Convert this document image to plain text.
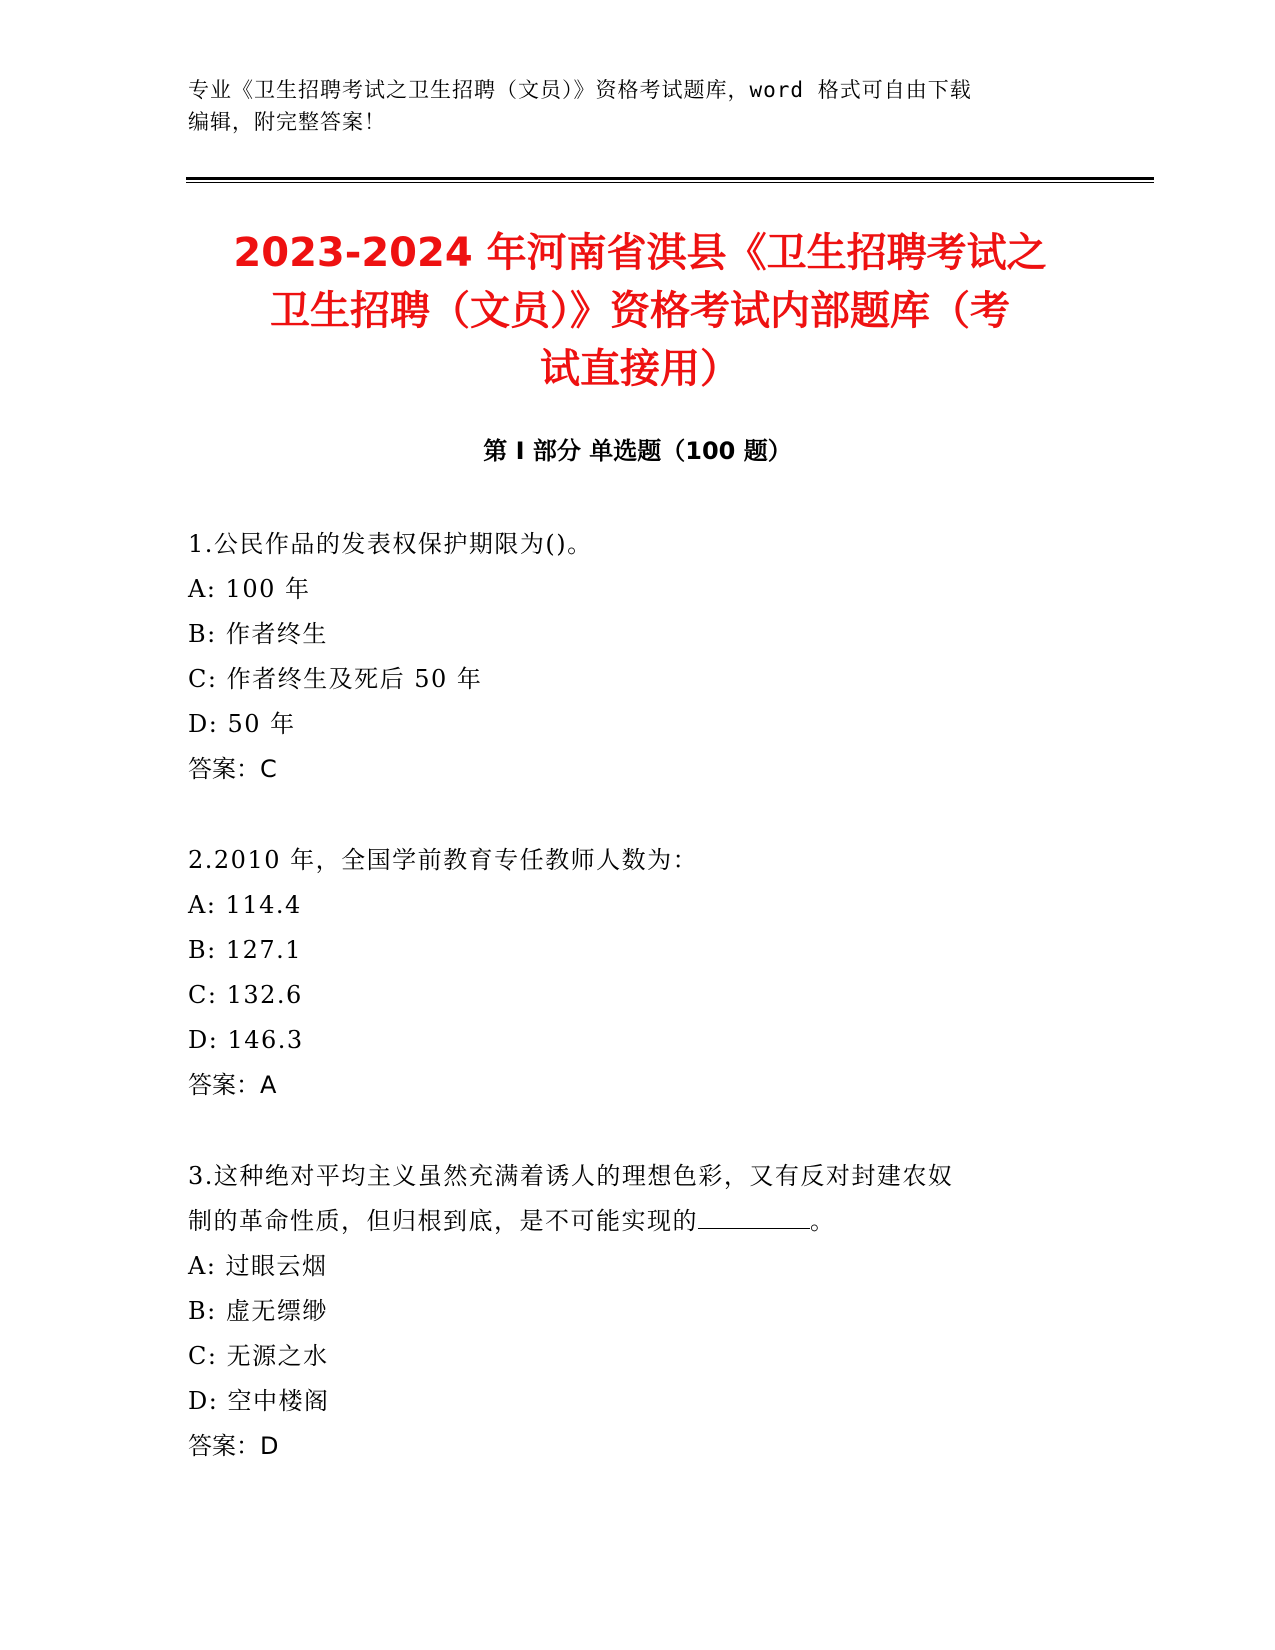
专业《卫生招聘考试之卫生招聘（文员）》资格考试题库，word 格式可自由下载
编辑，附完整答案！
2023-2024 年河南省淇县《卫生招聘考试之
卫生招聘（文员）》资格考试内部题库（考
试直接用）
第 I 部分 单选题（100 题）
1.公民作品的发表权保护期限为()。
A: 100 年
B: 作者终生
C: 作者终生及死后 50 年
D: 50 年
答案：C
2.2010 年，全国学前教育专任教师人数为：
A: 114.4
B: 127.1
C: 132.6
D: 146.3
答案：A
3.这种绝对平均主义虽然充满着诱人的理想色彩，又有反对封建农奴
制的革命性质，但归根到底，是不可能实现的	。
A: 过眼云烟
B: 虚无缥缈
C: 无源之水
D: 空中楼阁
答案：D
